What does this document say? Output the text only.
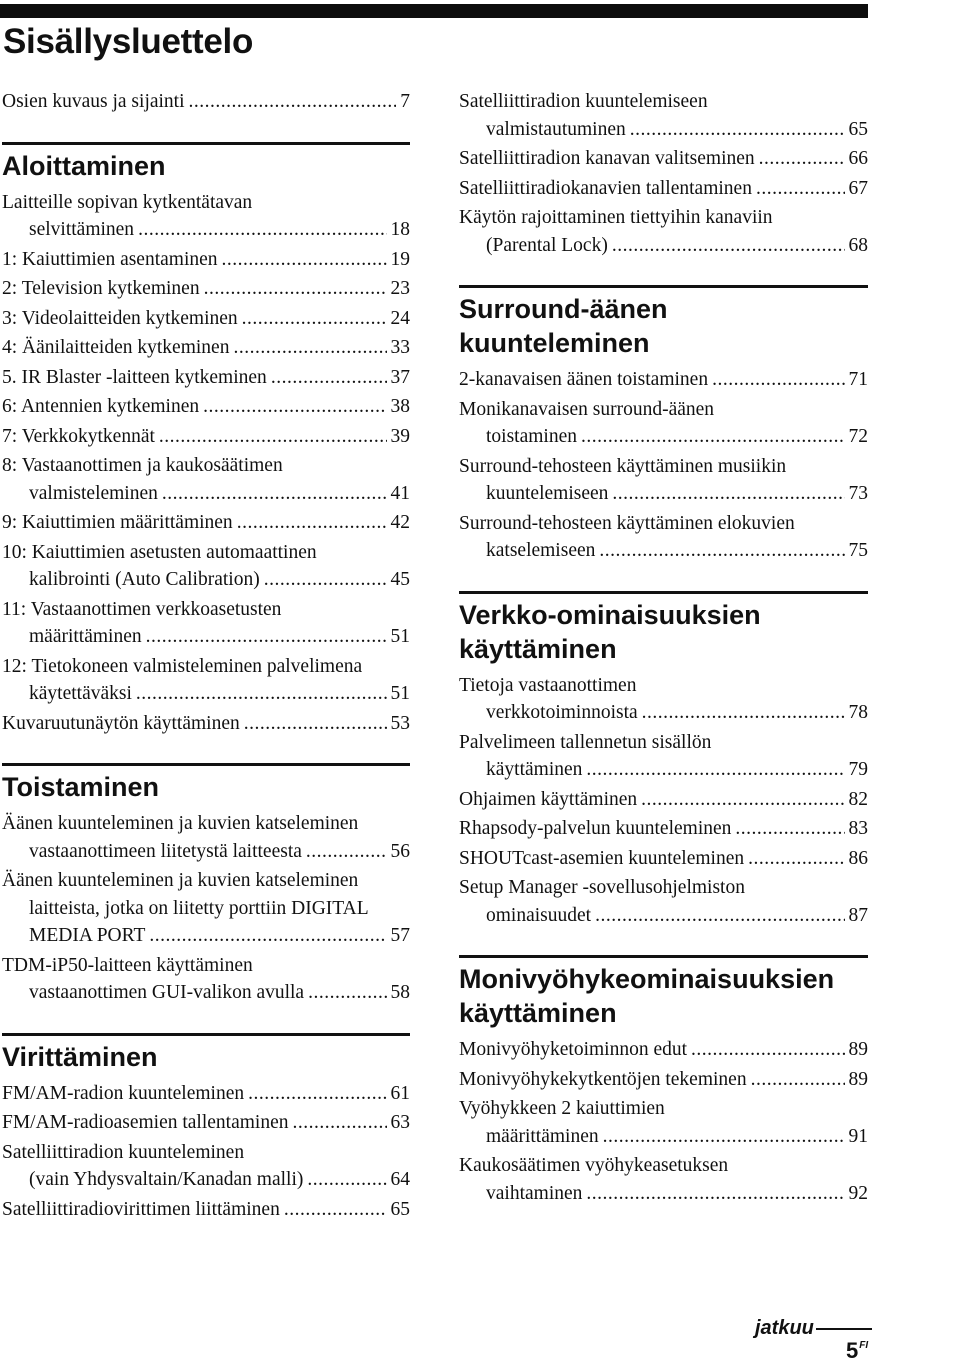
Sisällysluettelo
Osien kuvaus ja sijainti .....	7
Aloittaminen
Laitteille sopivan kytkentätavan
selvittäminen .....	18
1: Kaiuttimien asentaminen .....	19
2: Television kytkeminen .....	23
3: Videolaitteiden kytkeminen .....	24
4: Äänilaitteiden kytkeminen .....	33
5. IR Blaster -laitteen kytkeminen .....	37
6: Antennien kytkeminen .....	38
7: Verkkokytkennät .....	39
8: Vastaanottimen ja kaukosäätimen
valmisteleminen .....	41
9: Kaiuttimien määrittäminen .....	42
10: Kaiuttimien asetusten automaattinen
kalibrointi (Auto Calibration) .....	45
11: Vastaanottimen verkkoasetusten
määrittäminen .....	51
12: Tietokoneen valmisteleminen palvelimena
käytettäväksi .....	51
Kuvaruutunäytön käyttäminen .....	53
Toistaminen
Äänen kuunteleminen ja kuvien katseleminen
vastaanottimeen liitetystä laitteesta .....	56
Äänen kuunteleminen ja kuvien katseleminen
laitteista, jotka on liitetty porttiin DIGITAL
MEDIA PORT .....	57
TDM-iP50-laitteen käyttäminen
vastaanottimen GUI-valikon avulla .....	58
Virittäminen
FM/AM-radion kuunteleminen .....	61
FM/AM-radioasemien tallentaminen .....	63
Satelliittiradion kuunteleminen
(vain Yhdysvaltain/Kanadan malli) .....	64
Satelliittiradiovirittimen liittäminen .....	65
Satelliittiradion kuuntelemiseen
valmistautuminen .....	65
Satelliittiradion kanavan valitseminen .....	66
Satelliittiradiokanavien tallentaminen .....	67
Käytön rajoittaminen tiettyihin kanaviin
(Parental Lock) .....	68
Surround-äänen
kuunteleminen
2-kanavaisen äänen toistaminen .....	71
Monikanavaisen surround-äänen
toistaminen .....	72
Surround-tehosteen käyttäminen musiikin
kuuntelemiseen .....	73
Surround-tehosteen käyttäminen elokuvien
katselemiseen .....	75
Verkko-ominaisuuksien
käyttäminen
Tietoja vastaanottimen
verkkotoiminnoista .....	78
Palvelimeen tallennetun sisällön
käyttäminen .....	79
Ohjaimen käyttäminen .....	82
Rhapsody-palvelun kuunteleminen .....	83
SHOUTcast-asemien kuunteleminen .....	86
Setup Manager -sovellusohjelmiston
ominaisuudet .....	87
Monivyöhykeominaisuuksien
käyttäminen
Monivyöhyketoiminnon edut .....	89
Monivyöhykekytkentöjen tekeminen .....	89
Vyöhykkeen 2 kaiuttimien
määrittäminen .....	91
Kaukosäätimen vyöhykeasetuksen
vaihtaminen .....	92
jatkuu
$5^{FI}$
